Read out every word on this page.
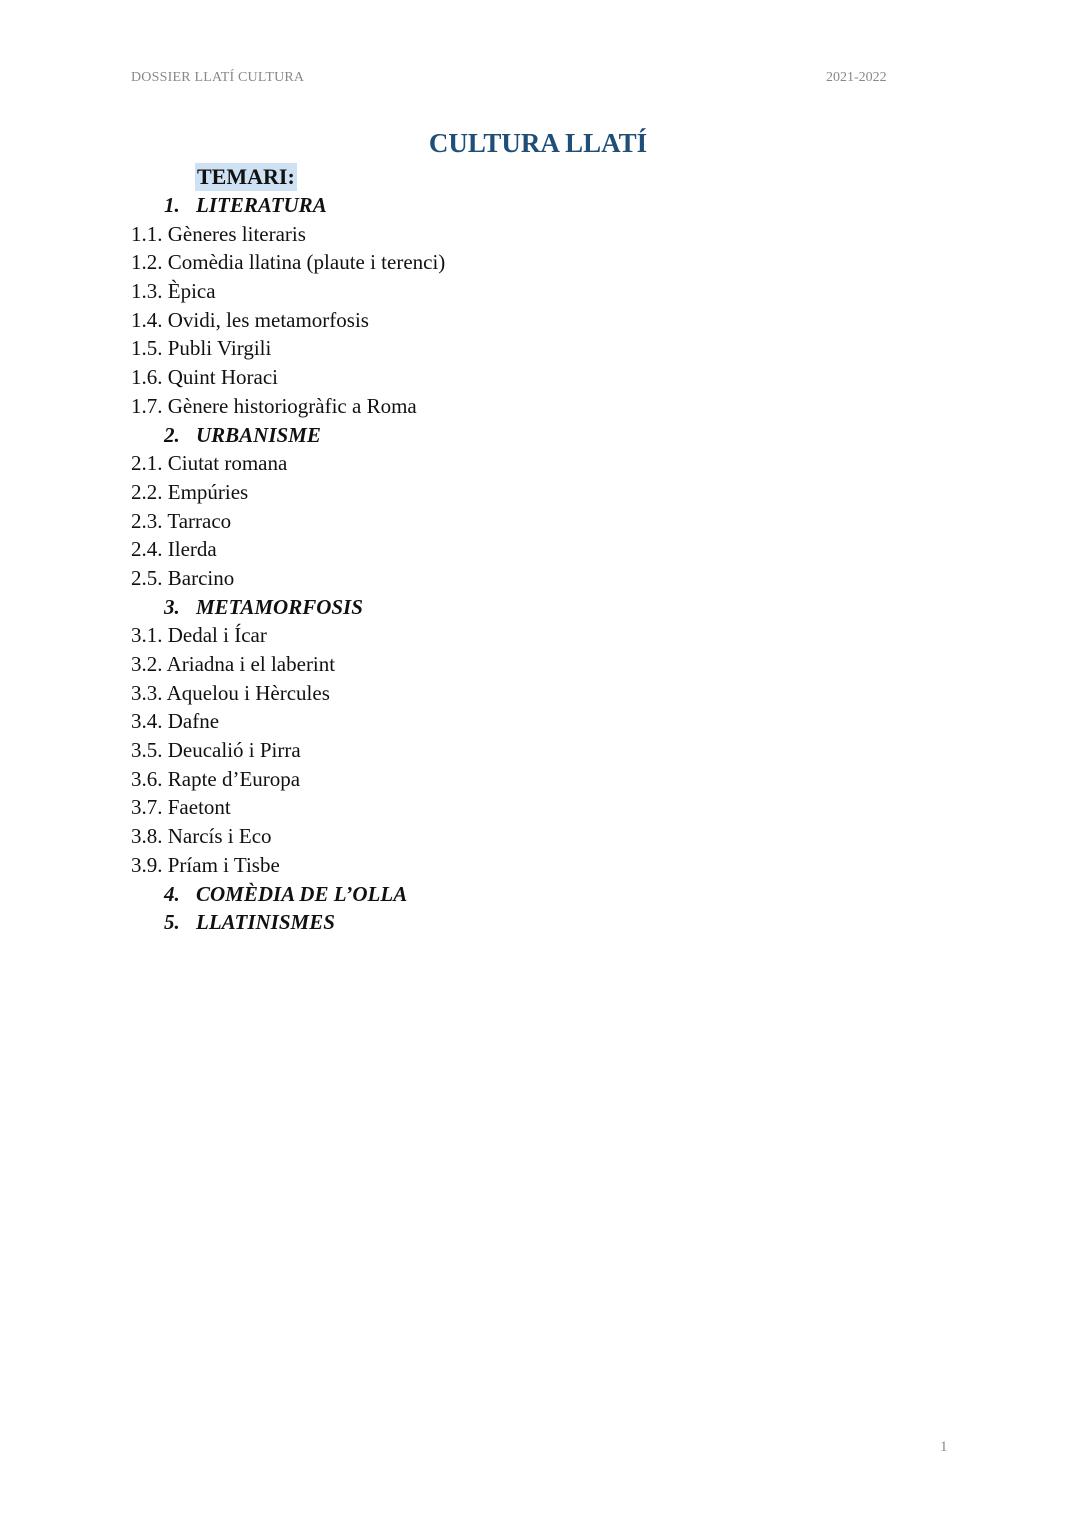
DOSSIER LLATÍ CULTURA	2021-2022
CULTURA LLATÍ
TEMARI:
1. LITERATURA
1.1. Gèneres literaris
1.2. Comèdia llatina (plaute i terenci)
1.3. Èpica
1.4. Ovidi, les metamorfosis
1.5. Publi Virgili
1.6. Quint Horaci
1.7. Gènere historiogràfic a Roma
2. URBANISME
2.1. Ciutat romana
2.2. Empúries
2.3. Tarraco
2.4. Ilerda
2.5. Barcino
3. METAMORFOSIS
3.1. Dedal i Ícar
3.2. Ariadna i el laberint
3.3. Aquelou i Hèrcules
3.4. Dafne
3.5. Deucalió i Pirra
3.6. Rapte d’Europa
3.7. Faetont
3.8. Narcís i Eco
3.9. Príam i Tisbe
4. COMÈDIA DE L’OLLA
5. LLATINISMES
1
